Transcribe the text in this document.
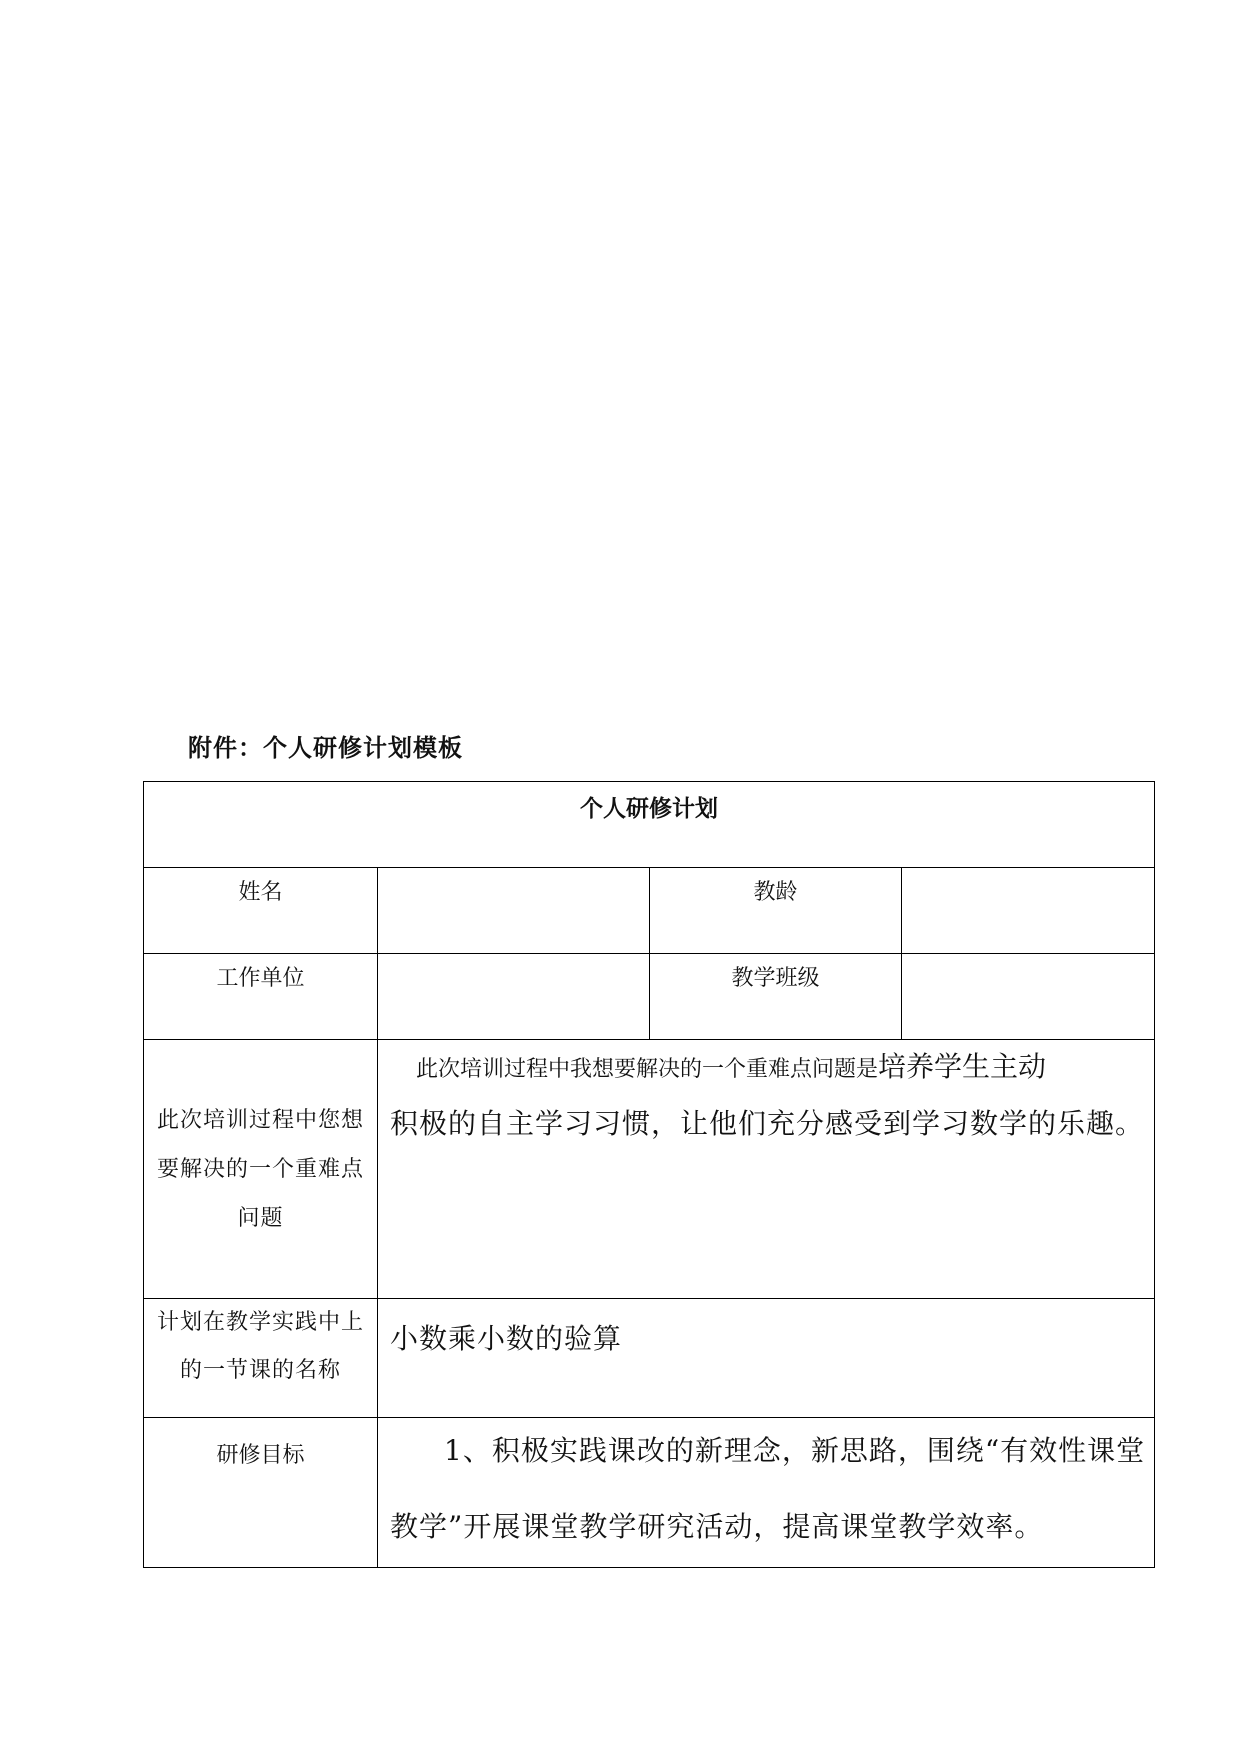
附件：个人研修计划模板
个人研修计划			
姓名		教龄	
工作单位		教学班级	
此次培训过程中您想要解决的一个重难点问题	此次培训过程中我想要解决的一个重难点问题是培养学生主动
积极的自主学习习惯，让他们充分感受到学习数学的乐趣。		

计划在教学实践中上的一节课的名称	小数乘小数的验算		
研修目标	1、积极实践课改的新理念，新思路，围绕“有效性课堂
教学”开展课堂教学研究活动，提高课堂教学效率。		
